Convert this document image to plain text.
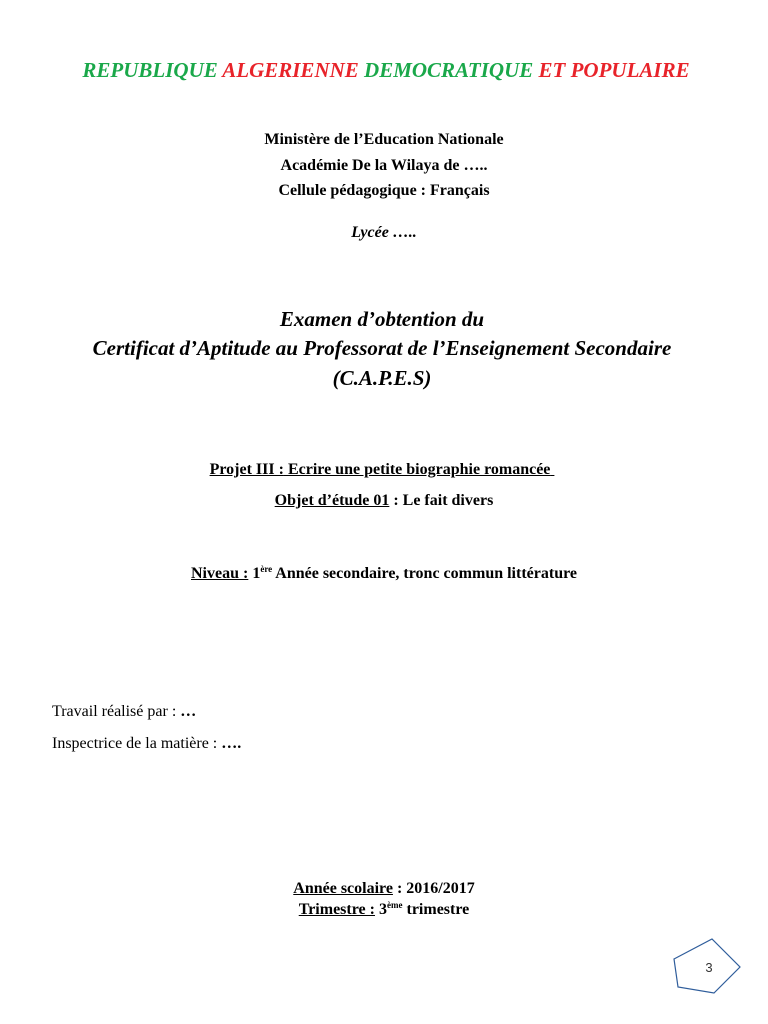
REPUBLIQUE ALGERIENNE DEMOCRATIQUE ET POPULAIRE
Ministère de l’Education Nationale
Académie De la Wilaya de …..
Cellule pédagogique : Français
Lycée …..
Examen d’obtention du
Certificat d’Aptitude au Professorat de l’Enseignement Secondaire
(C.A.P.E.S)
Projet III : Ecrire une petite biographie romancée
Objet d’étude 01 : Le fait divers
Niveau : 1ère Année secondaire, tronc commun littérature
Travail réalisé par : …
Inspectrice de la matière : ….
Année scolaire : 2016/2017
Trimestre : 3ème trimestre
3
